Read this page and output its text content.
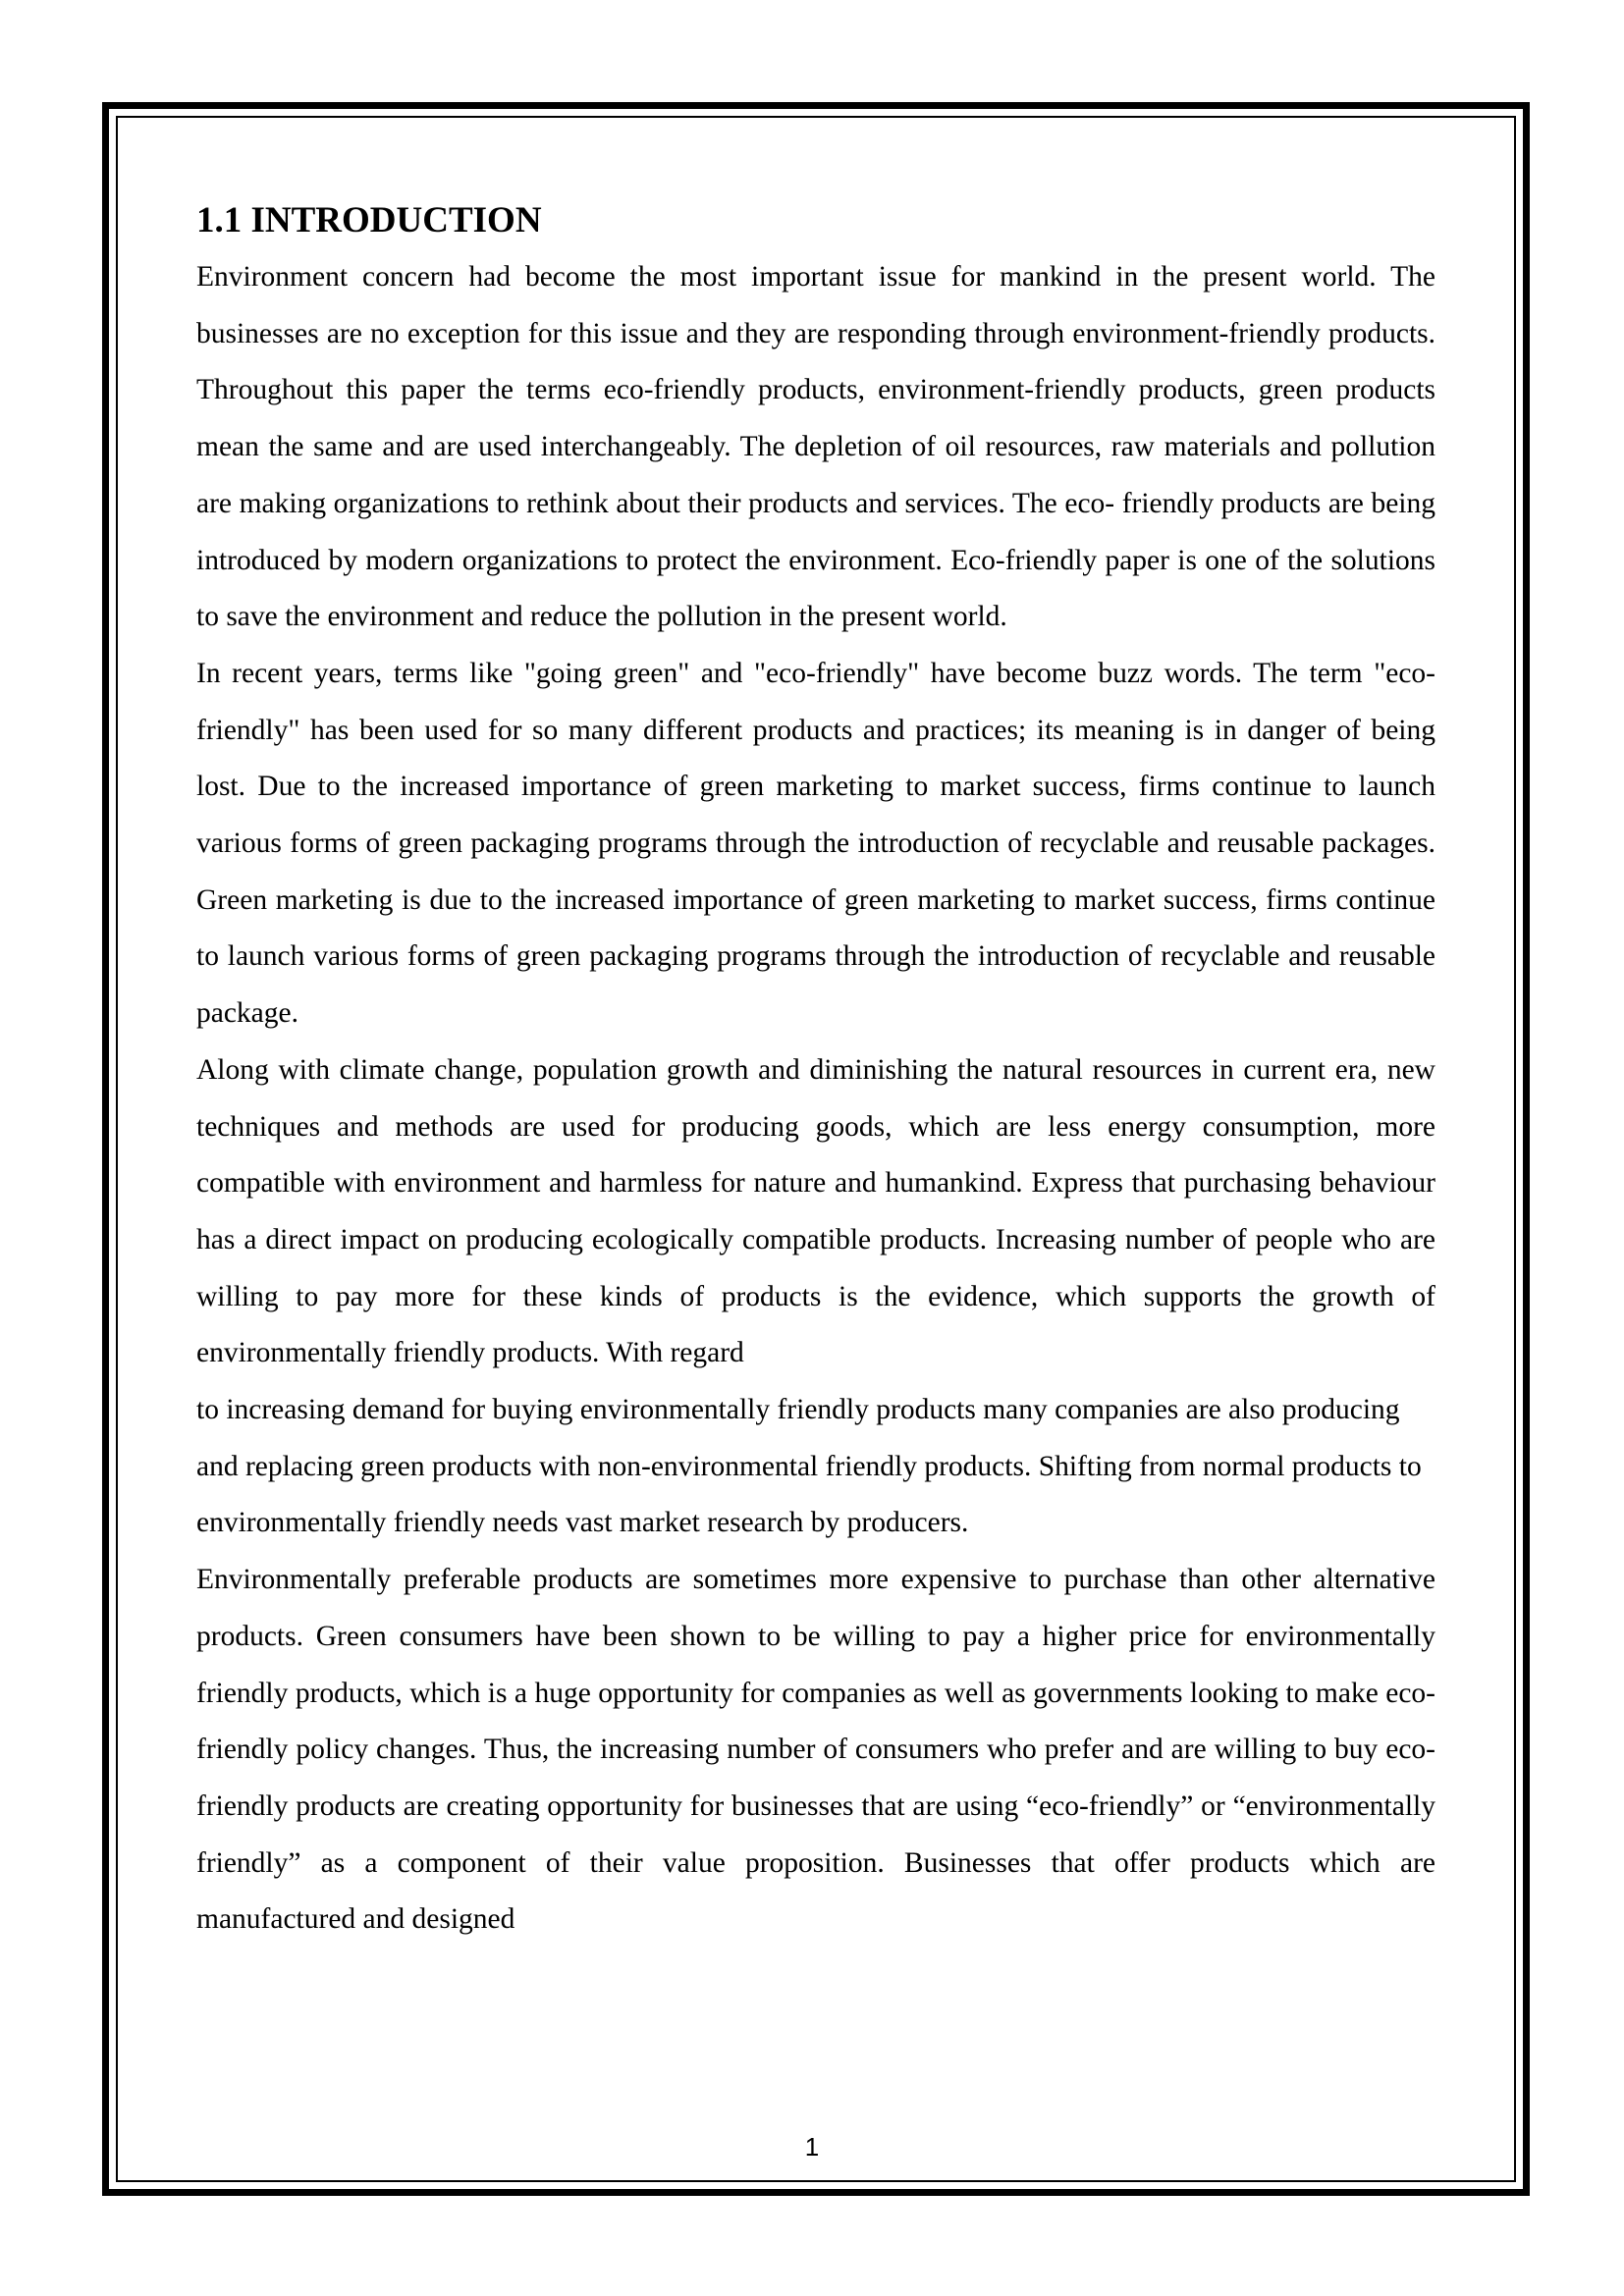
1.1 INTRODUCTION

Environment concern had become the most important issue for mankind in the present world. The businesses are no exception for this issue and they are responding through environment-friendly products. Throughout this paper the terms eco-friendly products, environment-friendly products, green products mean the same and are used interchangeably. The depletion of oil resources, raw materials and pollution are making organizations to rethink about their products and services. The eco- friendly products are being introduced by modern organizations to protect the environment. Eco-friendly paper is one of the solutions to save the environment and reduce the pollution in the present world.

In recent years, terms like "going green" and "eco-friendly" have become buzz words. The term "eco-friendly" has been used for so many different products and practices; its meaning is in danger of being lost. Due to the increased importance of green marketing to market success, firms continue to launch various forms of green packaging programs through the introduction of recyclable and reusable packages. Green marketing is due to the increased importance of green marketing to market success, firms continue to launch various forms of green packaging programs through the introduction of recyclable and reusable package.

Along with climate change, population growth and diminishing the natural resources in current era, new techniques and methods are used for producing goods, which are less energy consumption, more compatible with environment and harmless for nature and humankind. Express that purchasing behaviour has a direct impact on producing ecologically compatible products. Increasing number of people who are willing to pay more for these kinds of products is the evidence, which supports the growth of environmentally friendly products. With regard

to increasing demand for buying environmentally friendly products many companies are also producing and replacing green products with non-environmental friendly products. Shifting from normal products to environmentally friendly needs vast market research by producers.

Environmentally preferable products are sometimes more expensive to purchase than other alternative products. Green consumers have been shown to be willing to pay a higher price for environmentally friendly products, which is a huge opportunity for companies as well as governments looking to make eco-friendly policy changes. Thus, the increasing number of consumers who prefer and are willing to buy eco- friendly products are creating opportunity for businesses that are using “eco-friendly” or “environmentally friendly” as a component of their value proposition. Businesses that offer products which are manufactured and designed

1
